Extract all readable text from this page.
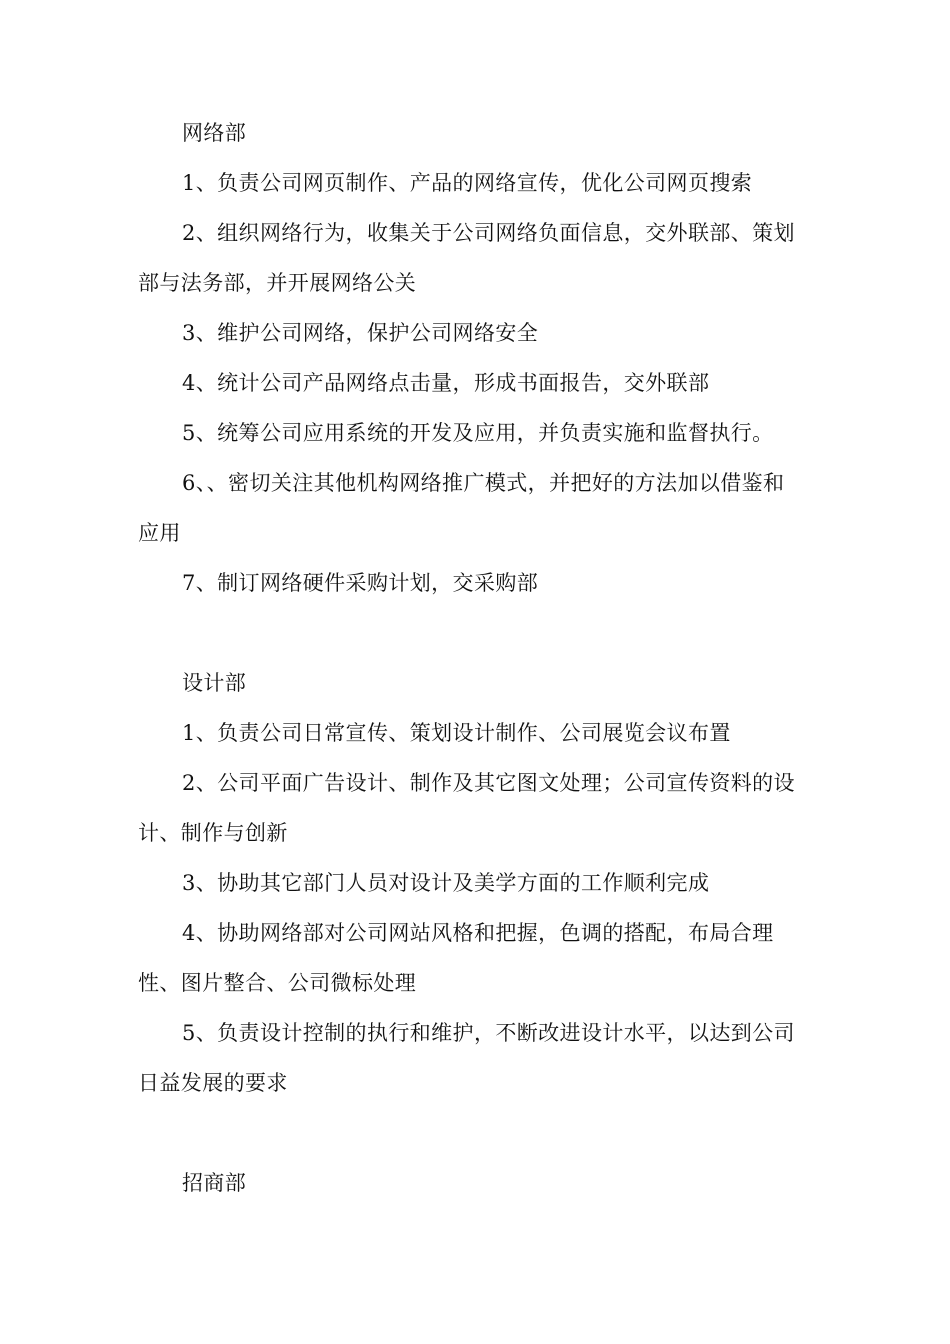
网络部

1、负责公司网页制作、产品的网络宣传，优化公司网页搜索

2、组织网络行为，收集关于公司网络负面信息，交外联部、策划部与法务部，并开展网络公关

3、维护公司网络，保护公司网络安全

4、统计公司产品网络点击量，形成书面报告，交外联部

5、统筹公司应用系统的开发及应用，并负责实施和监督执行。

6、、密切关注其他机构网络推广模式，并把好的方法加以借鉴和应用

7、制订网络硬件采购计划，交采购部

设计部

1、负责公司日常宣传、策划设计制作、公司展览会议布置

2、公司平面广告设计、制作及其它图文处理；公司宣传资料的设计、制作与创新

3、协助其它部门人员对设计及美学方面的工作顺利完成

4、协助网络部对公司网站风格和把握，色调的搭配，布局合理性、图片整合、公司微标处理

5、负责设计控制的执行和维护，不断改进设计水平，以达到公司日益发展的要求

招商部
